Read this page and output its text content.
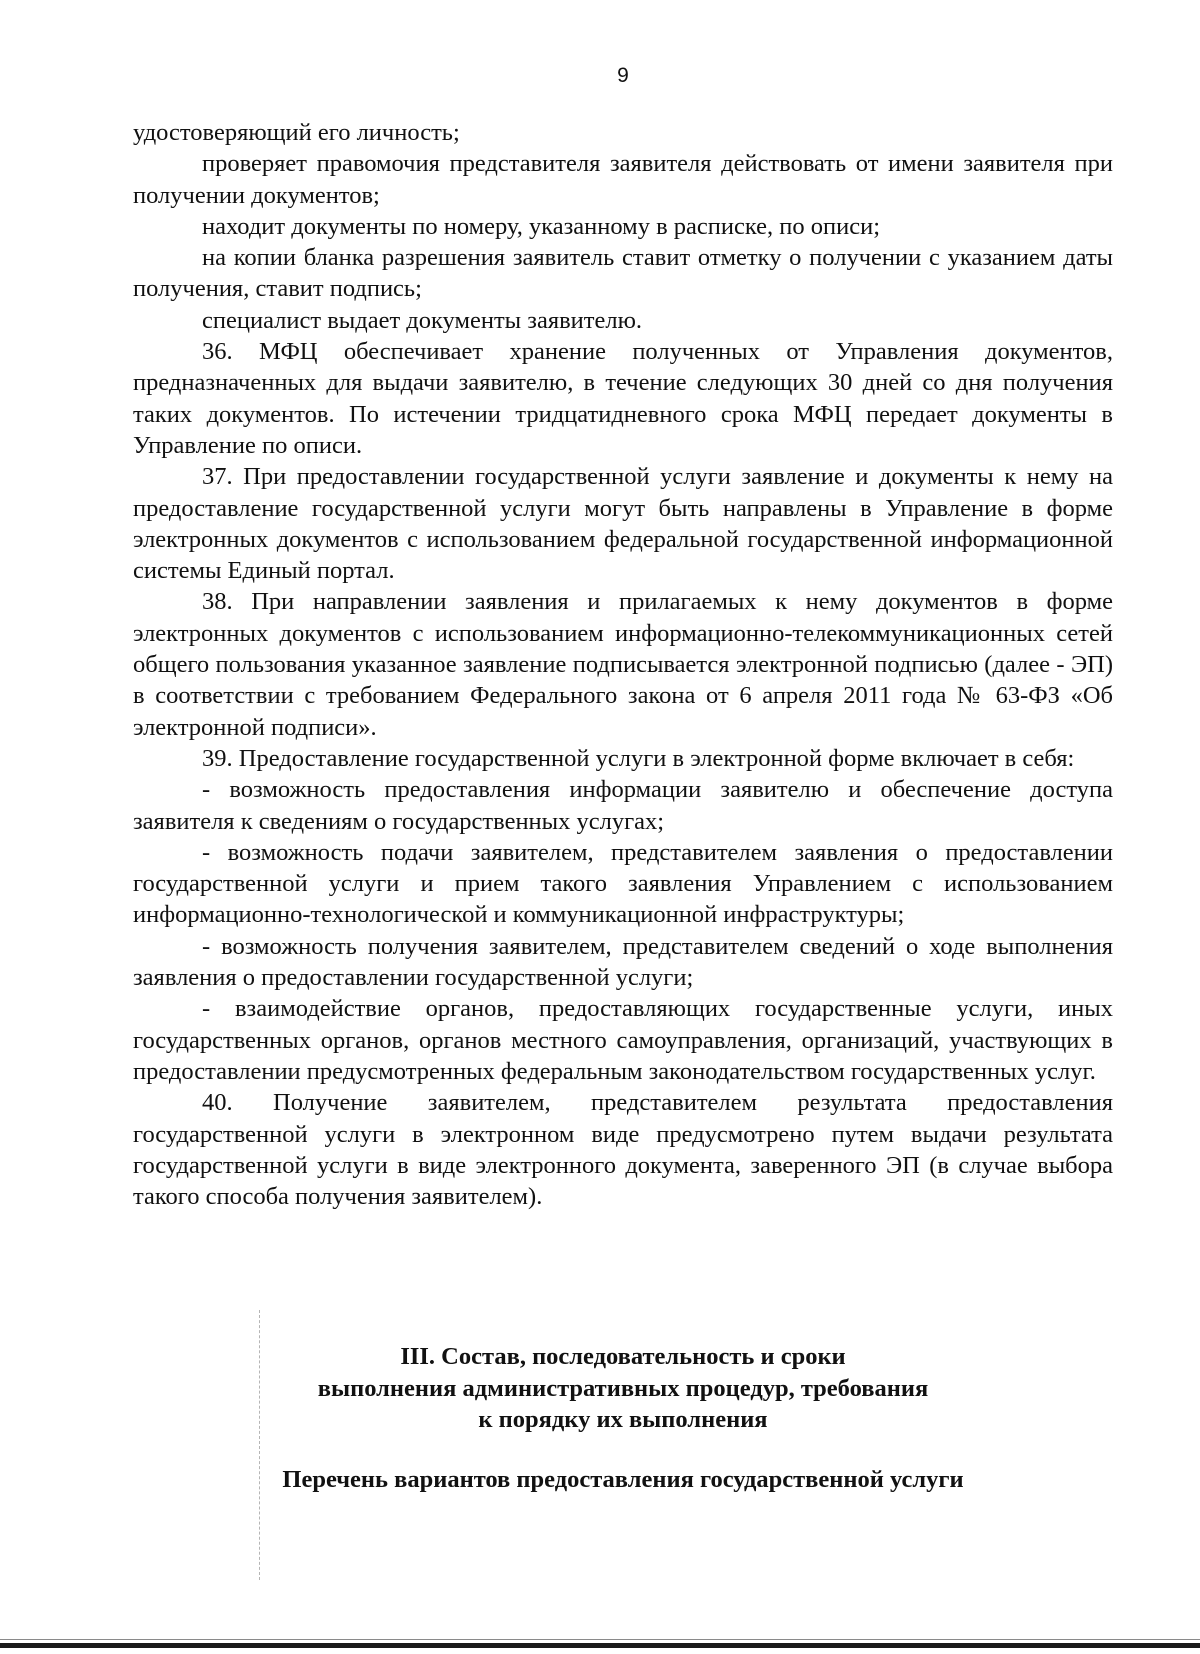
9

удостоверяющий его личность;

проверяет правомочия представителя заявителя действовать от имени заявителя при получении документов;

находит документы по номеру, указанному в расписке, по описи;

на копии бланка разрешения заявитель ставит отметку о получении с указанием даты получения, ставит подпись;

специалист выдает документы заявителю.

36. МФЦ обеспечивает хранение полученных от Управления документов, предназначенных для выдачи заявителю, в течение следующих 30 дней со дня получения таких документов. По истечении тридцатидневного срока МФЦ передает документы в Управление по описи.

37. При предоставлении государственной услуги заявление и документы к нему на предоставление государственной услуги могут быть направлены в Управление в форме электронных документов с использованием федеральной государственной информационной системы Единый портал.

38. При направлении заявления и прилагаемых к нему документов в форме электронных документов с использованием информационно-телекоммуникационных сетей общего пользования указанное заявление подписывается электронной подписью (далее - ЭП) в соответствии с требованием Федерального закона от 6 апреля 2011 года № 63-ФЗ «Об электронной подписи».

39. Предоставление государственной услуги в электронной форме включает в себя:

- возможность предоставления информации заявителю и обеспечение доступа заявителя к сведениям о государственных услугах;

- возможность подачи заявителем, представителем заявления о предоставлении государственной услуги и прием такого заявления Управлением с использованием информационно-технологической и коммуникационной инфраструктуры;

- возможность получения заявителем, представителем сведений о ходе выполнения заявления о предоставлении государственной услуги;

- взаимодействие органов, предоставляющих государственные услуги, иных государственных органов, органов местного самоуправления, организаций, участвующих в предоставлении предусмотренных федеральным законодательством государственных услуг.

40. Получение заявителем, представителем результата предоставления государственной услуги в электронном виде предусмотрено путем выдачи результата государственной услуги в виде электронного документа, заверенного ЭП (в случае выбора такого способа получения заявителем).

III. Состав, последовательность и сроки
выполнения административных процедур, требования
к порядку их выполнения
Перечень вариантов предоставления государственной услуги
